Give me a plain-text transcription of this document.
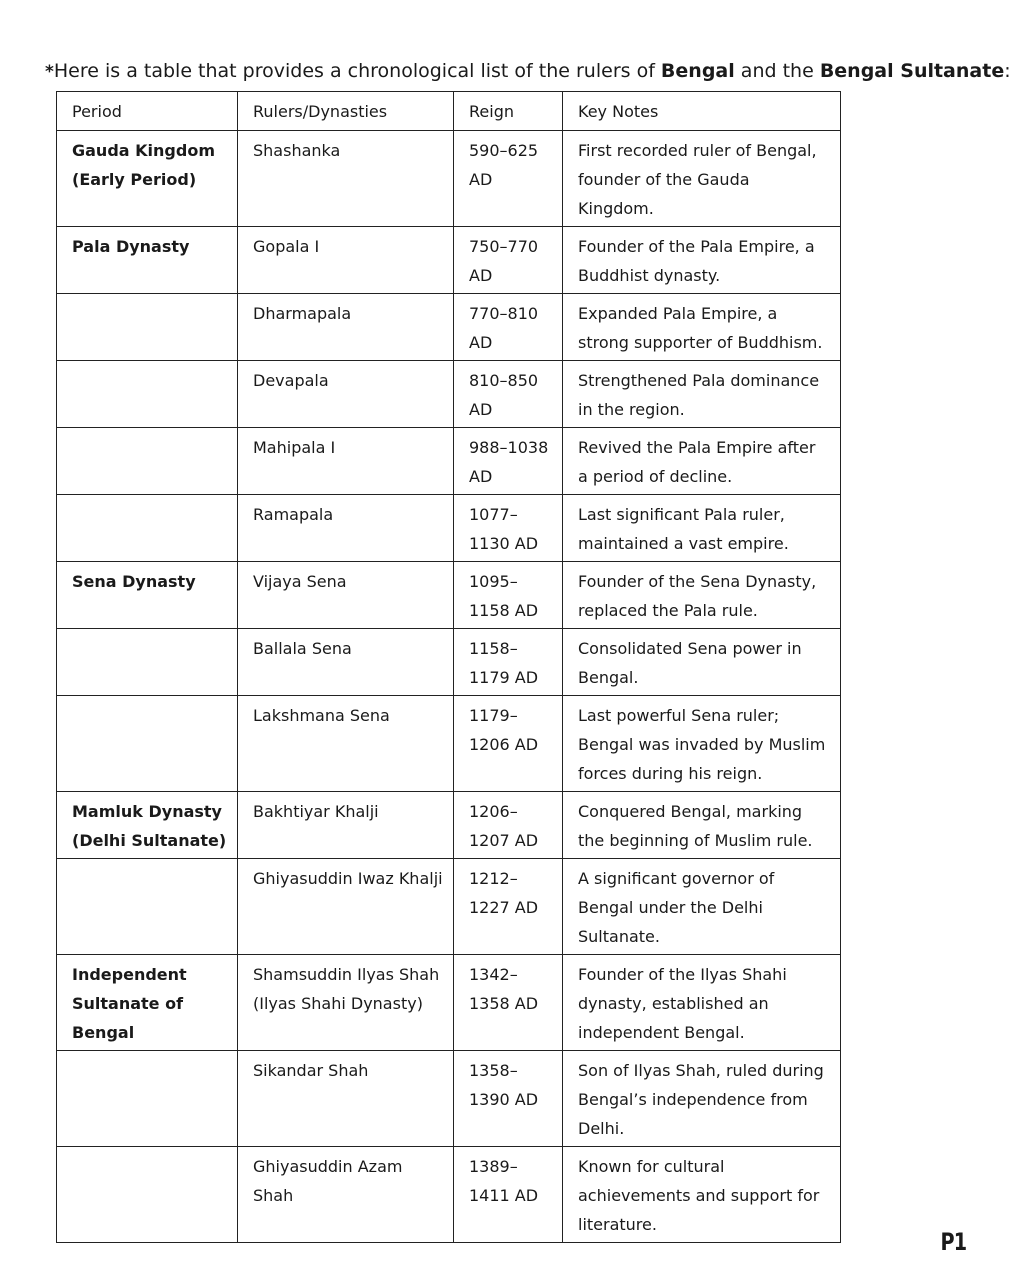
*Here is a table that provides a chronological list of the rulers of Bengal and the Bengal Sultanate:
Period	Rulers/Dynasties	Reign	Key Notes
Gauda Kingdom (Early Period)	Shashanka	590–625 AD	First recorded ruler of Bengal, founder of the Gauda Kingdom.
Pala Dynasty	Gopala I	750–770 AD	Founder of the Pala Empire, a Buddhist dynasty.
	Dharmapala	770–810 AD	Expanded Pala Empire, a strong supporter of Buddhism.
	Devapala	810–850 AD	Strengthened Pala dominance in the region.
	Mahipala I	988–1038 AD	Revived the Pala Empire after a period of decline.
	Ramapala	1077–1130 AD	Last significant Pala ruler, maintained a vast empire.
Sena Dynasty	Vijaya Sena	1095–1158 AD	Founder of the Sena Dynasty, replaced the Pala rule.
	Ballala Sena	1158–1179 AD	Consolidated Sena power in Bengal.
	Lakshmana Sena	1179–1206 AD	Last powerful Sena ruler; Bengal was invaded by Muslim forces during his reign.
Mamluk Dynasty (Delhi Sultanate)	Bakhtiyar Khalji	1206–1207 AD	Conquered Bengal, marking the beginning of Muslim rule.
	Ghiyasuddin Iwaz Khalji	1212–1227 AD	A significant governor of Bengal under the Delhi Sultanate.
Independent Sultanate of Bengal	Shamsuddin Ilyas Shah (Ilyas Shahi Dynasty)	1342–1358 AD	Founder of the Ilyas Shahi dynasty, established an independent Bengal.
	Sikandar Shah	1358–1390 AD	Son of Ilyas Shah, ruled during Bengal’s independence from Delhi.
	Ghiyasuddin Azam Shah	1389–1411 AD	Known for cultural achievements and support for literature.
P1
